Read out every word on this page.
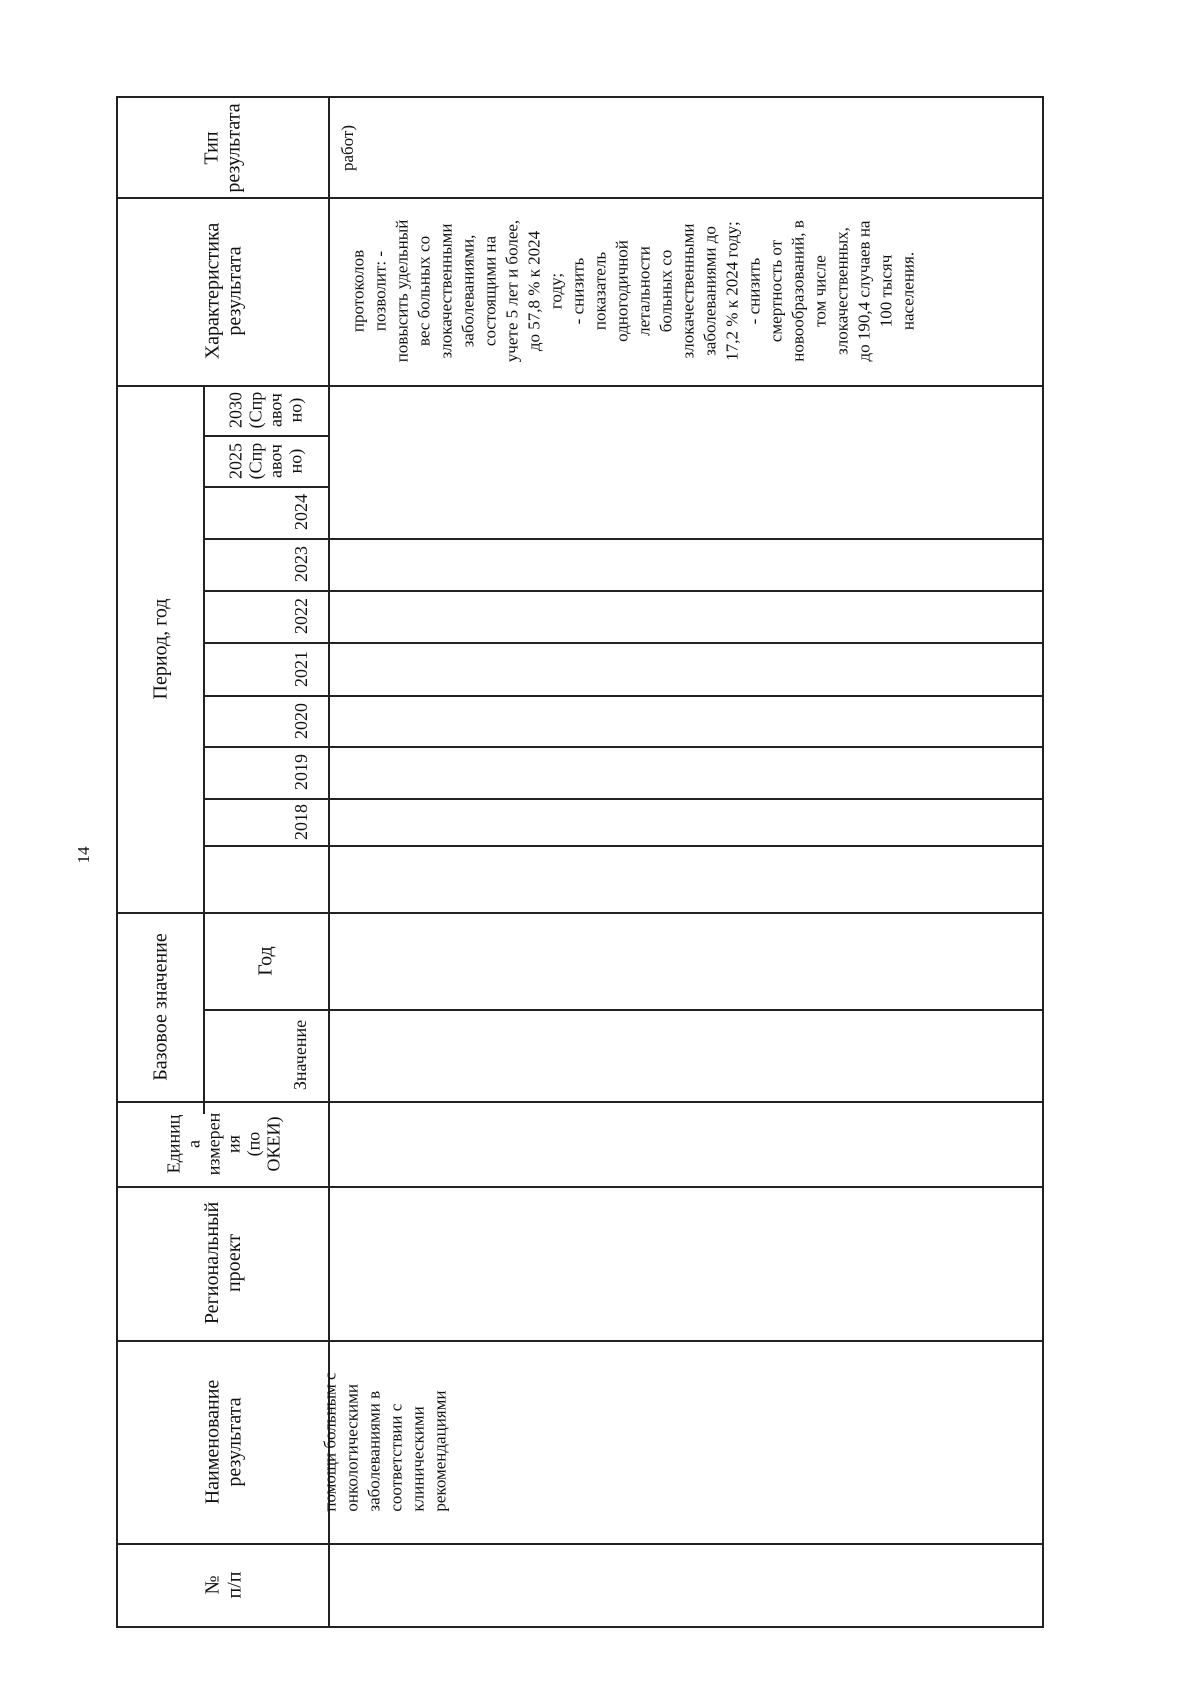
14
Тип
результата
Характеристика
результата
Период, год
2030
(Спр
авоч
но)
2025
(Спр
авоч
но)
2024
2023
2022
2021
2020
2019
2018
Базовое значение	Год
Значение
Единиц
а
измерен
ия
(по
ОКЕИ)
Региональный
проект
Наименование
результата
№
п/п
работ)
протоколов
позволит: -
повысить удельный
вес больных со
злокачественными
заболеваниями,
состоящими на
учете 5 лет и более,
до 57,8 % к 2024
году;
- снизить
показатель
одногодичной
летальности
больных со
злокачественными
заболеваниями до
17,2 % к 2024 году;
- снизить
смертность от
новообразований, в
том числе
злокачественных,
до 190,4 случаев на
100 тысяч
населения.
помощи больным с
онкологическими
заболеваниями в
соответствии с
клиническими
рекомендациями
